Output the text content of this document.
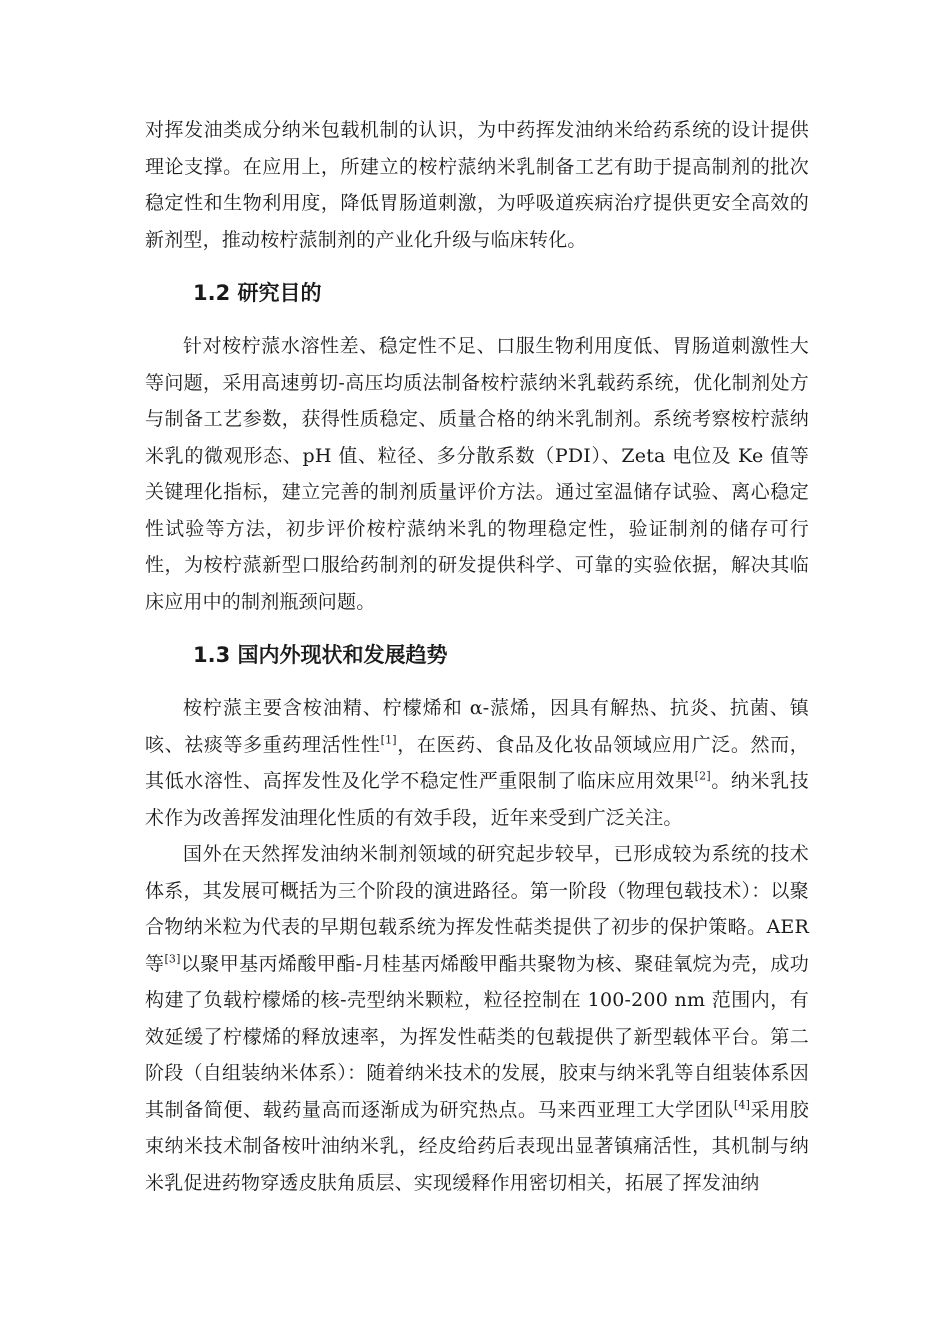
对挥发油类成分纳米包载机制的认识，为中药挥发油纳米给药系统的设计提供理论支撑。在应用上，所建立的桉柠蒎纳米乳制备工艺有助于提高制剂的批次稳定性和生物利用度，降低胃肠道刺激，为呼吸道疾病治疗提供更安全高效的新剂型，推动桉柠蒎制剂的产业化升级与临床转化。

1.2 研究目的

针对桉柠蒎水溶性差、稳定性不足、口服生物利用度低、胃肠道刺激性大等问题，采用高速剪切-高压均质法制备桉柠蒎纳米乳载药系统，优化制剂处方与制备工艺参数，获得性质稳定、质量合格的纳米乳制剂。系统考察桉柠蒎纳米乳的微观形态、pH 值、粒径、多分散系数（PDI）、Zeta 电位及 Ke 值等关键理化指标，建立完善的制剂质量评价方法。通过室温储存试验、离心稳定性试验等方法，初步评价桉柠蒎纳米乳的物理稳定性，验证制剂的储存可行性，为桉柠蒎新型口服给药制剂的研发提供科学、可靠的实验依据，解决其临床应用中的制剂瓶颈问题。

1.3 国内外现状和发展趋势

桉柠蒎主要含桉油精、柠檬烯和 α-蒎烯，因具有解热、抗炎、抗菌、镇咳、祛痰等多重药理活性性[1]，在医药、食品及化妆品领域应用广泛。然而，其低水溶性、高挥发性及化学不稳定性严重限制了临床应用效果[2]。纳米乳技术作为改善挥发油理化性质的有效手段，近年来受到广泛关注。

国外在天然挥发油纳米制剂领域的研究起步较早，已形成较为系统的技术体系，其发展可概括为三个阶段的演进路径。第一阶段（物理包载技术）：以聚合物纳米粒为代表的早期包载系统为挥发性萜类提供了初步的保护策略。AER 等[3]以聚甲基丙烯酸甲酯-月桂基丙烯酸甲酯共聚物为核、聚硅氧烷为壳，成功构建了负载柠檬烯的核-壳型纳米颗粒，粒径控制在 100-200 nm 范围内，有效延缓了柠檬烯的释放速率，为挥发性萜类的包载提供了新型载体平台。第二阶段（自组装纳米体系）：随着纳米技术的发展，胶束与纳米乳等自组装体系因其制备简便、载药量高而逐渐成为研究热点。马来西亚理工大学团队[4]采用胶束纳米技术制备桉叶油纳米乳，经皮给药后表现出显著镇痛活性，其机制与纳米乳促进药物穿透皮肤角质层、实现缓释作用密切相关，拓展了挥发油纳
